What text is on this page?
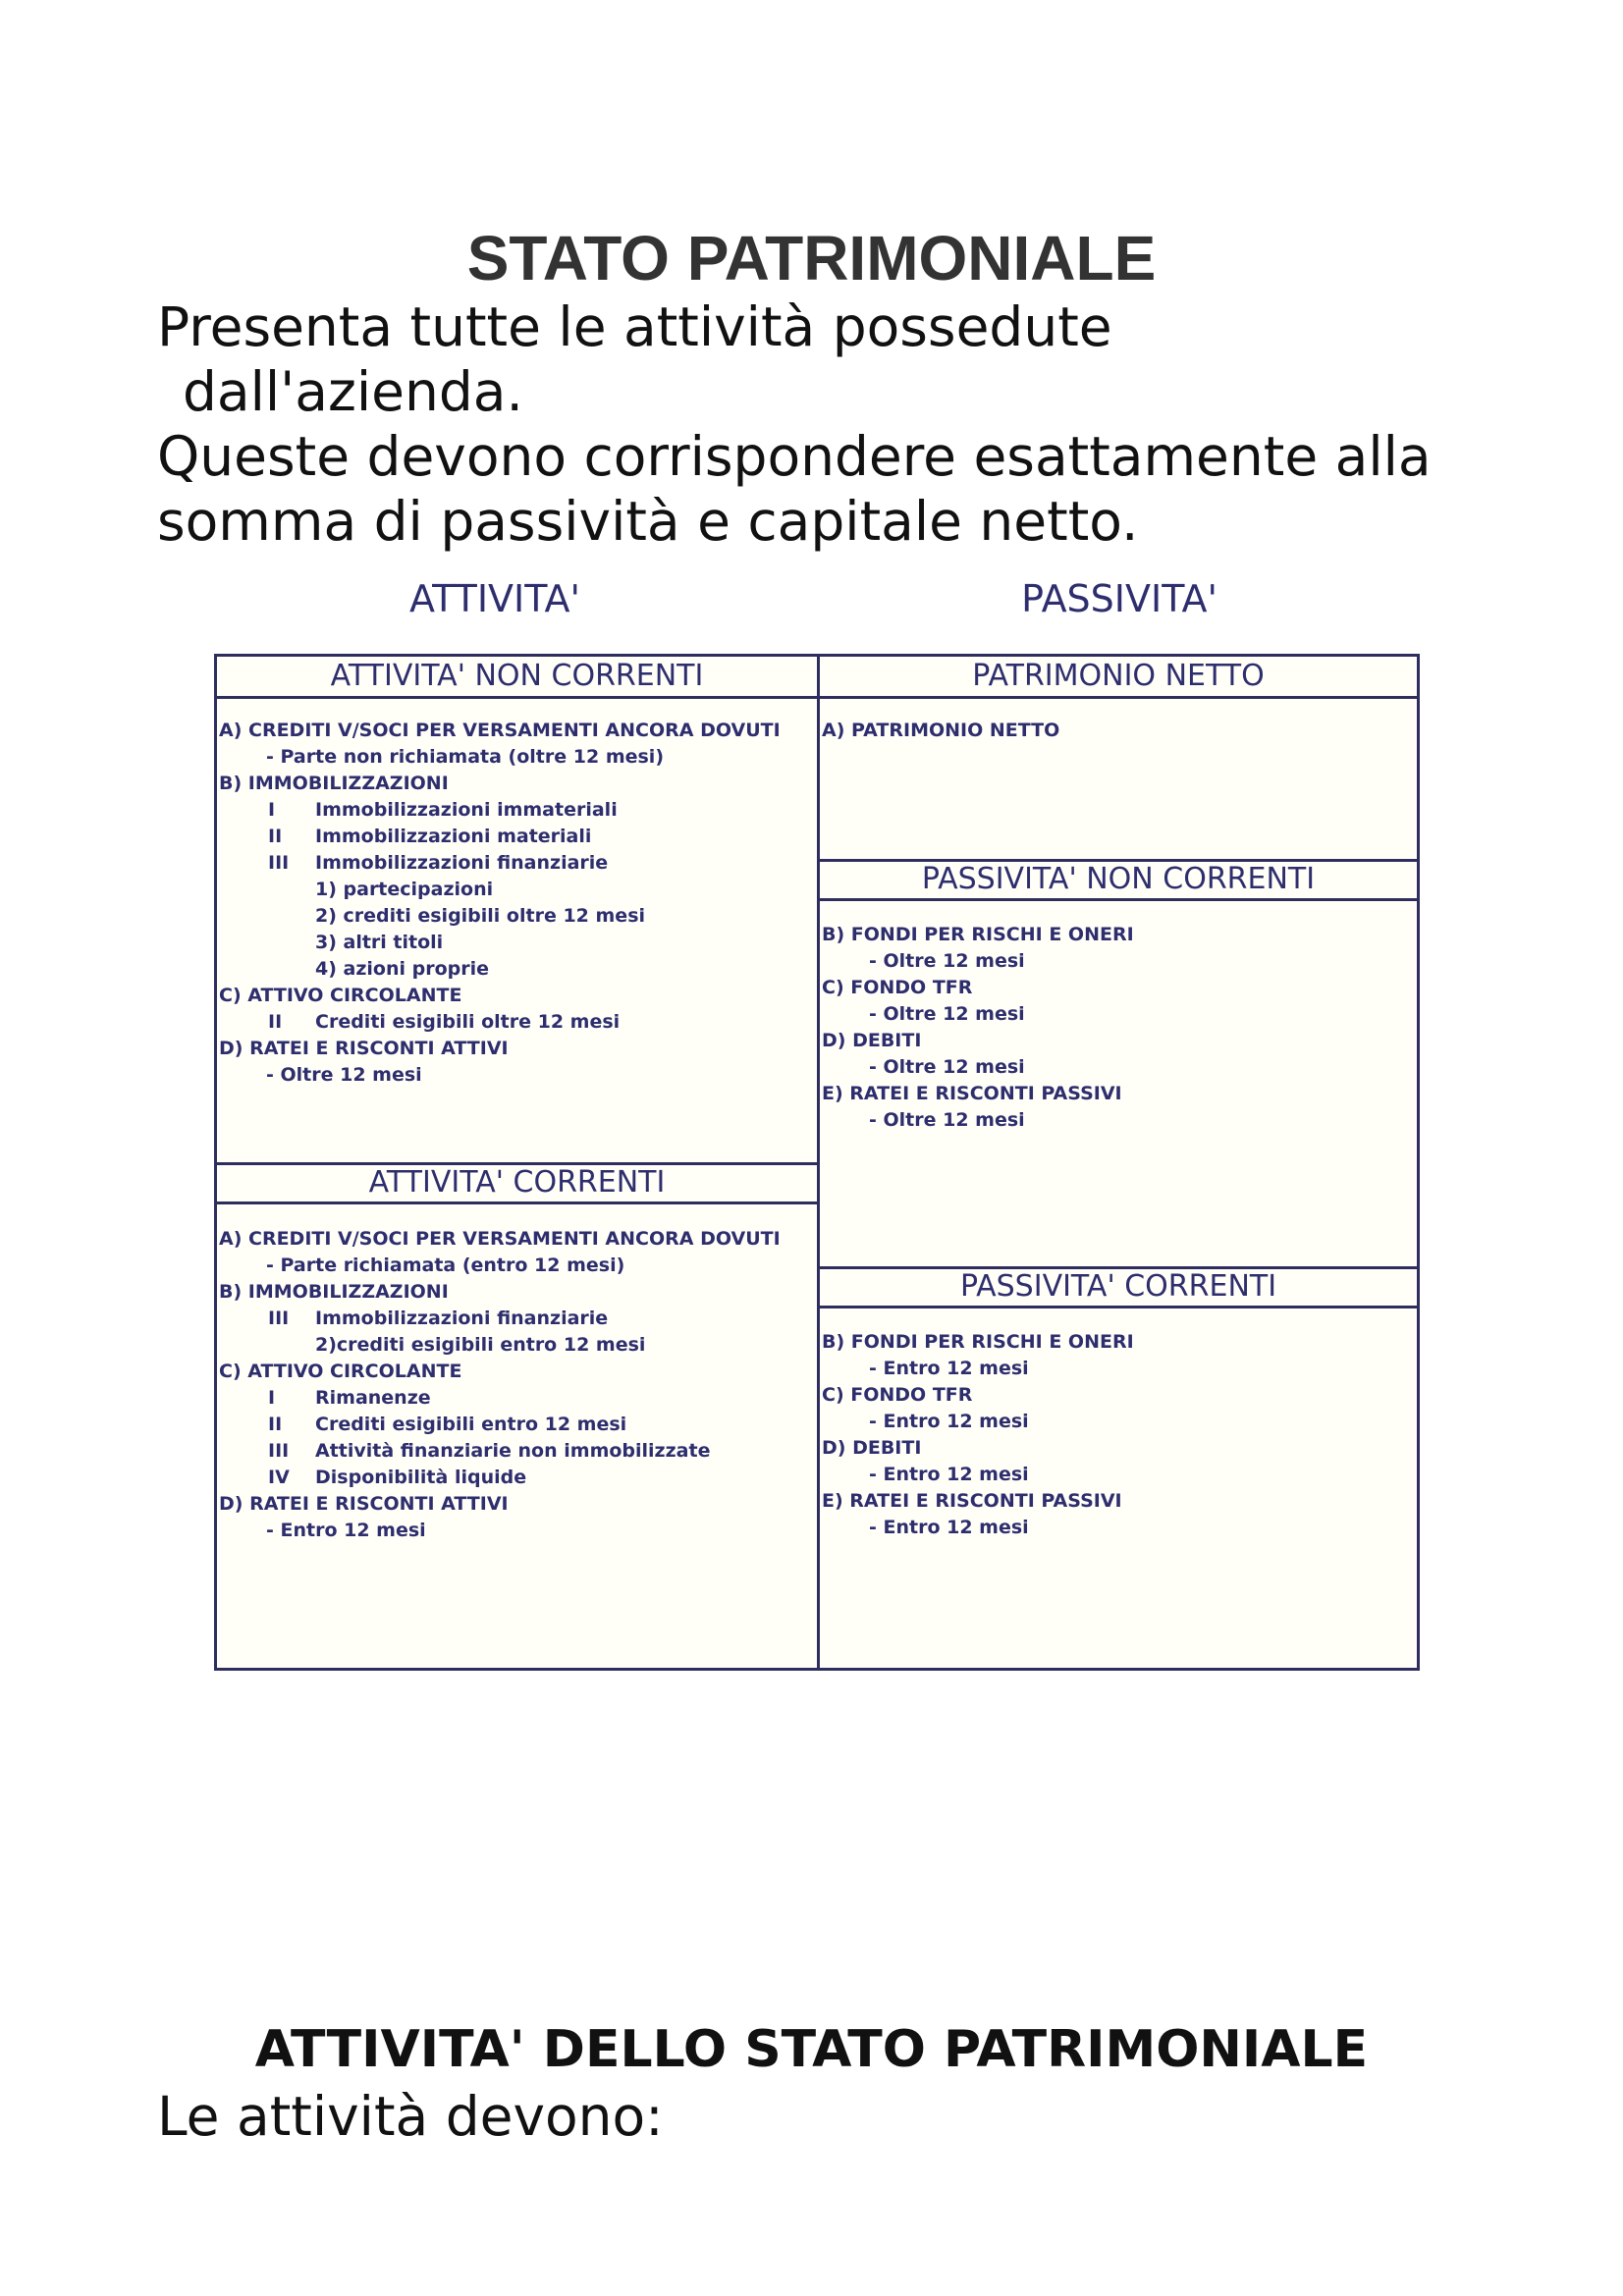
STATO PATRIMONIALE

Presenta tutte le attività possedute

dall'azienda.

Queste devono corrispondere esattamente alla

somma di passività e capitale netto.

ATTIVITA'	PASSIVITA'
ATTIVITA' NON CORRENTI
ATTIVITA' CORRENTI
PATRIMONIO NETTO
PASSIVITA' NON CORRENTI
PASSIVITA' CORRENTI
A) CREDITI V/SOCI PER VERSAMENTI ANCORA DOVUTI
- Parte non richiamata (oltre 12 mesi)
B) IMMOBILIZZAZIONI
I Immobilizzazioni immateriali
II Immobilizzazioni materiali
III Immobilizzazioni finanziarie
1) partecipazioni
2) crediti esigibili oltre 12 mesi
3) altri titoli
4) azioni proprie
C) ATTIVO CIRCOLANTE
II Crediti esigibili oltre 12 mesi
D) RATEI E RISCONTI ATTIVI
- Oltre 12 mesi
A) CREDITI V/SOCI PER VERSAMENTI ANCORA DOVUTI
- Parte richiamata (entro 12 mesi)
B) IMMOBILIZZAZIONI
III Immobilizzazioni finanziarie
2)crediti esigibili entro 12 mesi
C) ATTIVO CIRCOLANTE
I Rimanenze
II Crediti esigibili entro 12 mesi
III Attività finanziarie non immobilizzate
IV Disponibilità liquide
D) RATEI E RISCONTI ATTIVI
- Entro 12 mesi
A) PATRIMONIO NETTO
B) FONDI PER RISCHI E ONERI
- Oltre 12 mesi
C) FONDO TFR
- Oltre 12 mesi
D) DEBITI
- Oltre 12 mesi
E) RATEI E RISCONTI PASSIVI
- Oltre 12 mesi
B) FONDI PER RISCHI E ONERI
- Entro 12 mesi
C) FONDO TFR
- Entro 12 mesi
D) DEBITI
- Entro 12 mesi
E) RATEI E RISCONTI PASSIVI
- Entro 12 mesi
ATTIVITA' DELLO STATO PATRIMONIALE

Le attività devono:
